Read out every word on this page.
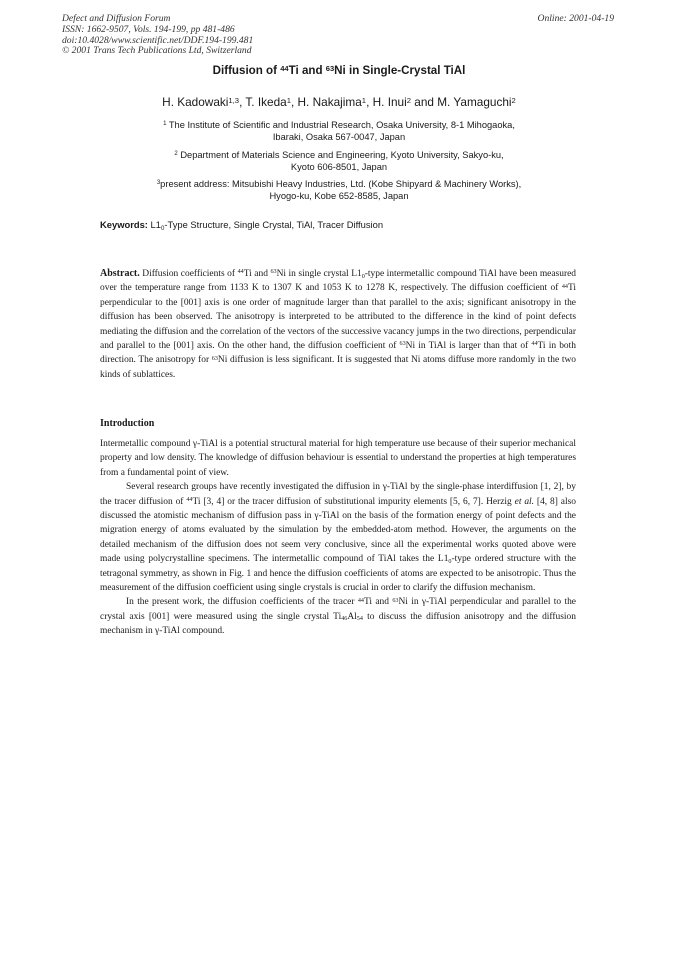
Defect and Diffusion Forum
ISSN: 1662-9507, Vols. 194-199, pp 481-486
doi:10.4028/www.scientific.net/DDF.194-199.481
© 2001 Trans Tech Publications Ltd, Switzerland
Online: 2001-04-19
Diffusion of $^{44}$Ti and $^{63}$Ni in Single-Crystal TiAl
H. Kadowaki$^{1,3}$, T. Ikeda$^1$, H. Nakajima$^1$, H. Inui$^2$ and M. Yamaguchi$^2$
$^1$ The Institute of Scientific and Industrial Research, Osaka University, 8-1 Mihogaoka,
Ibaraki, Osaka 567-0047, Japan
$^2$ Department of Materials Science and Engineering, Kyoto University, Sakyo-ku,
Kyoto 606-8501, Japan
$^3$present address: Mitsubishi Heavy Industries, Ltd. (Kobe Shipyard & Machinery Works),
Hyogo-ku, Kobe 652-8585, Japan
Keywords: $L1_0$-Type Structure, Single Crystal, TiAl, Tracer Diffusion
Abstract. Diffusion coefficients of $^{44}$Ti and $^{63}$Ni in single crystal $L1_0$-type intermetallic compound TiAl have been measured over the temperature range from 1133 K to 1307 K and 1053 K to 1278 K, respectively. The diffusion coefficient of $^{44}$Ti perpendicular to the [001] axis is one order of magnitude larger than that parallel to the axis; significant anisotropy in the diffusion has been observed. The anisotropy is interpreted to be attributed to the difference in the kind of point defects mediating the diffusion and the correlation of the vectors of the successive vacancy jumps in the two directions, perpendicular and parallel to the [001] axis. On the other hand, the diffusion coefficient of $^{63}$Ni in TiAl is larger than that of $^{44}$Ti in both direction. The anisotropy for $^{63}$Ni diffusion is less significant. It is suggested that Ni atoms diffuse more randomly in the two kinds of sublattices.
Introduction

Intermetallic compound γ-TiAl is a potential structural material for high temperature use because of their superior mechanical property and low density. The knowledge of diffusion behaviour is essential to understand the properties at high temperatures from a fundamental point of view.

Several research groups have recently investigated the diffusion in γ-TiAl by the single-phase interdiffusion [1, 2], by the tracer diffusion of $^{44}$Ti [3, 4] or the tracer diffusion of substitutional impurity elements [5, 6, 7]. Herzig et al. [4, 8] also discussed the atomistic mechanism of diffusion pass in γ-TiAl on the basis of the formation energy of point defects and the migration energy of atoms evaluated by the simulation by the embedded-atom method. However, the arguments on the detailed mechanism of the diffusion does not seem very conclusive, since all the experimental works quoted above were made using polycrystalline specimens. The intermetallic compound of TiAl takes the $L1_0$-type ordered structure with the tetragonal symmetry, as shown in Fig. 1 and hence the diffusion coefficients of atoms are expected to be anisotropic. Thus the measurement of the diffusion coefficient using single crystals is crucial in order to clarify the diffusion mechanism.

In the present work, the diffusion coefficients of the tracer $^{44}$Ti and $^{63}$Ni in γ-TiAl perpendicular and parallel to the crystal axis [001] were measured using the single crystal $Ti_{46}Al_{54}$ to discuss the diffusion anisotropy and the diffusion mechanism in γ-TiAl compound.
